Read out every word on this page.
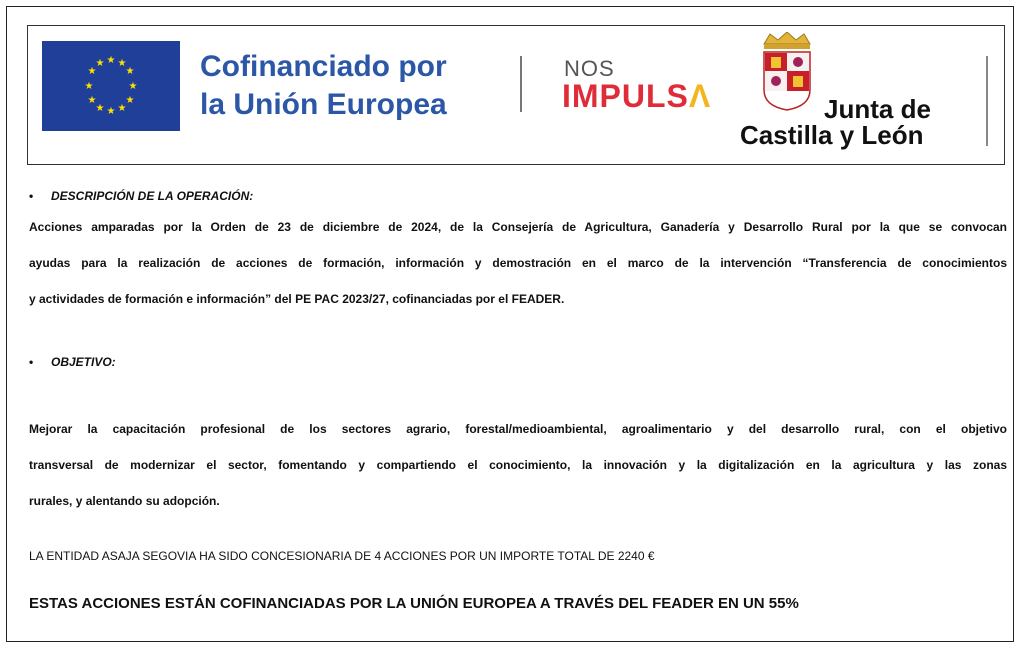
★ ★
★
★
★
★
★
★
★
★
★
★	Cofinanciado por
la Unión Europea
NOS
IMPULSΛ	Junta de
Castilla y León
• DESCRIPCIÓN DE LA OPERACIÓN:
Acciones amparadas por la Orden de 23 de diciembre de 2024, de la Consejería de Agricultura, Ganadería y Desarrollo Rural por la que se convocan
ayudas para la realización de acciones de formación, información y demostración en el marco de la intervención “Transferencia de conocimientos
y actividades de formación e información” del PE PAC 2023/27, cofinanciadas por el FEADER.
• OBJETIVO:
Mejorar la capacitación profesional de los sectores agrario, forestal/medioambiental, agroalimentario y del desarrollo rural, con el objetivo
transversal de modernizar el sector, fomentando y compartiendo el conocimiento, la innovación y la digitalización en la agricultura y las zonas
rurales, y alentando su adopción.
LA ENTIDAD ASAJA SEGOVIA HA SIDO CONCESIONARIA DE 4 ACCIONES POR UN IMPORTE TOTAL DE 2240 €
ESTAS ACCIONES ESTÁN COFINANCIADAS POR LA UNIÓN EUROPEA A TRAVÉS DEL FEADER EN UN 55%
